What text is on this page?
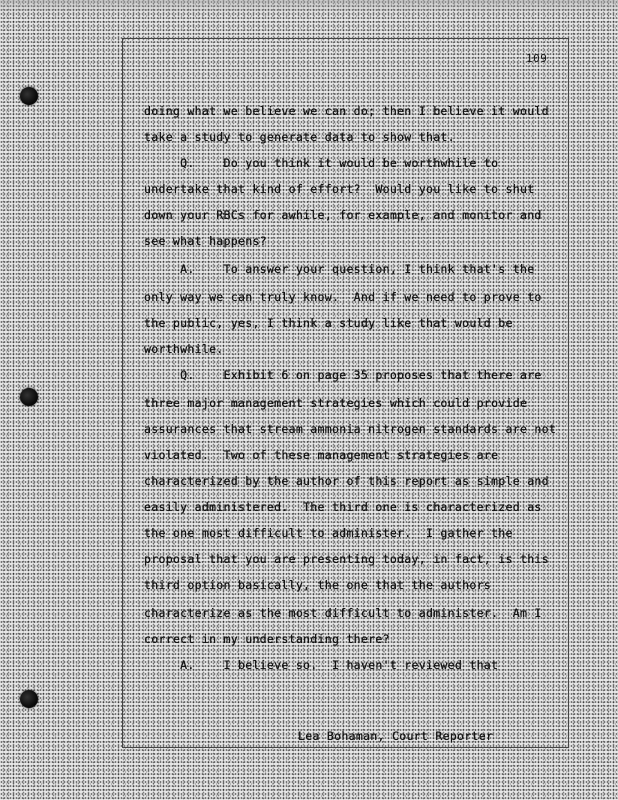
109
doing what we believe we can do; then I believe it would
take a study to generate data to show that.
Q.    Do you think it would be worthwhile to
undertake that kind of effort?  Would you like to shut
down your RBCs for awhile, for example, and monitor and
see what happens?
A.    To answer your question, I think that's the
only way we can truly know.  And if we need to prove to
the public, yes, I think a study like that would be
worthwhile.
Q.    Exhibit 6 on page 35 proposes that there are
three major management strategies which could provide
assurances that stream ammonia nitrogen standards are not
violated.  Two of these management strategies are
characterized by the author of this report as simple and
easily administered.  The third one is characterized as
the one most difficult to administer.  I gather the
proposal that you are presenting today, in fact, is this
third option basically, the one that the authors
characterize as the most difficult to administer.  Am I
correct in my understanding there?
A.    I believe so.  I haven't reviewed that
Lea Bohaman, Court Reporter
